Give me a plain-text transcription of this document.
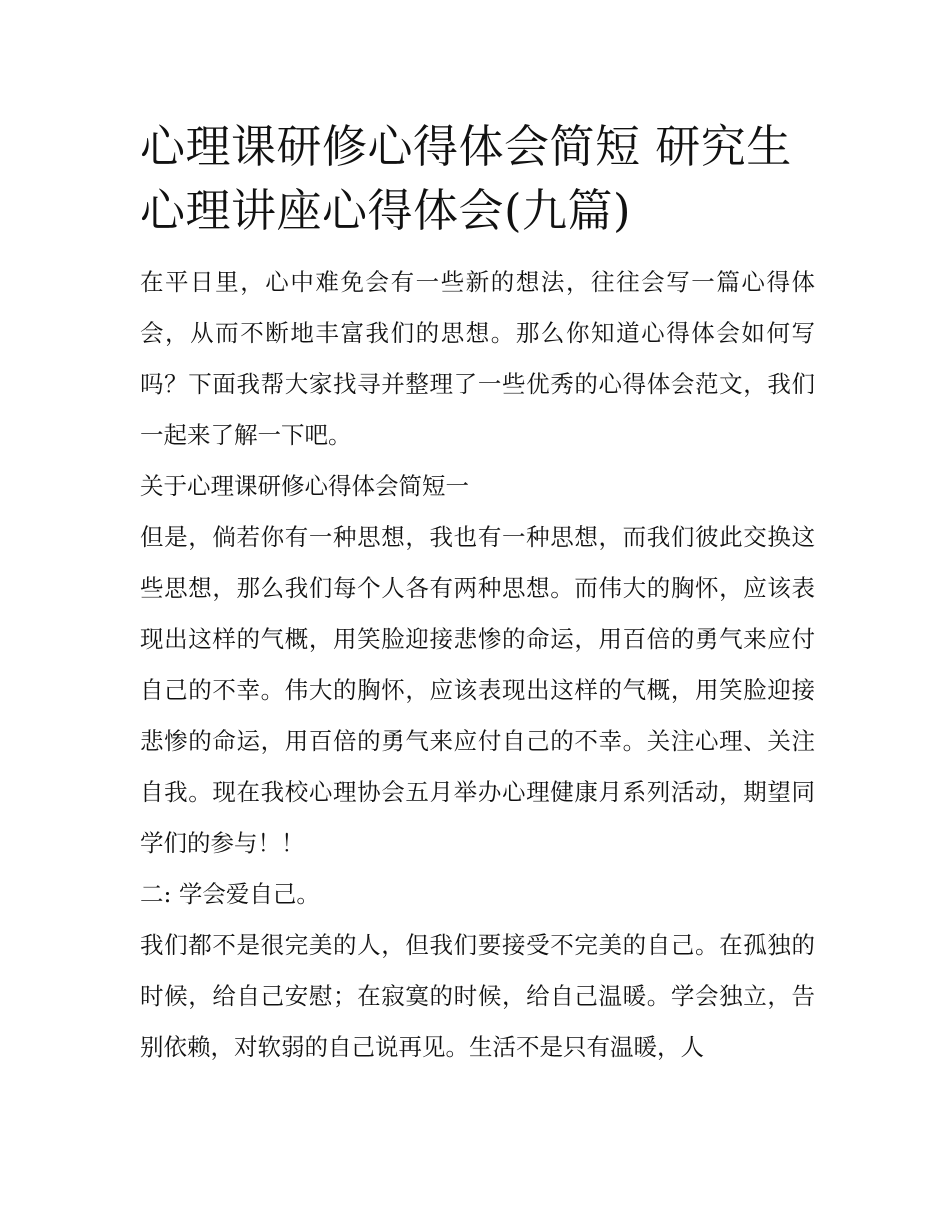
心理课研修心得体会简短 研究生心理讲座心得体会(九篇)

在平日里，心中难免会有一些新的想法，往往会写一篇心得体会，从而不断地丰富我们的思想。那么你知道心得体会如何写吗？下面我帮大家找寻并整理了一些优秀的心得体会范文，我们一起来了解一下吧。

关于心理课研修心得体会简短一

但是，倘若你有一种思想，我也有一种思想，而我们彼此交换这些思想，那么我们每个人各有两种思想。而伟大的胸怀，应该表现出这样的气概，用笑脸迎接悲惨的命运，用百倍的勇气来应付自己的不幸。伟大的胸怀，应该表现出这样的气概，用笑脸迎接悲惨的命运，用百倍的勇气来应付自己的不幸。关注心理、关注自我。现在我校心理协会五月举办心理健康月系列活动，期望同学们的参与！！

二: 学会爱自己。

我们都不是很完美的人，但我们要接受不完美的自己。在孤独的时候，给自己安慰；在寂寞的时候，给自己温暖。学会独立，告别依赖，对软弱的自己说再见。生活不是只有温暖，人
